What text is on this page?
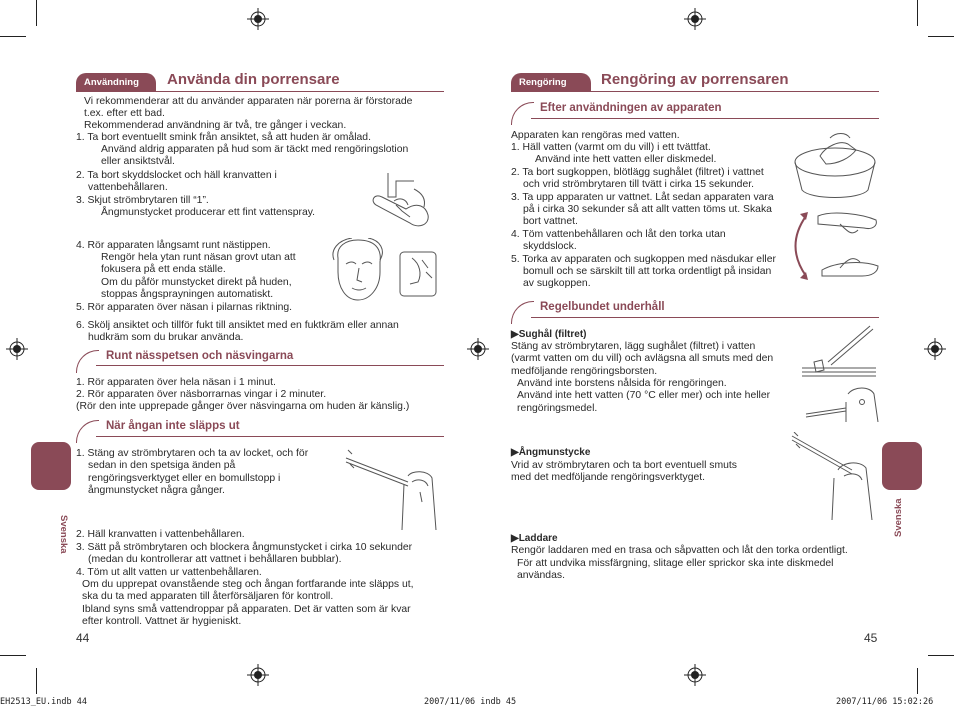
Användning	Använda din porrensare
Vi rekommenderar att du använder apparaten när porerna är förstorade
t.ex. efter ett bad.
Rekommenderad användning är två, tre gånger i veckan.
1. Ta bort eventuellt smink från ansiktet, så att huden är omålad.
Använd aldrig apparaten på hud som är täckt med rengöringslotion
eller ansiktstvål.
2. Ta bort skyddslocket och häll kranvatten i
vattenbehållaren.
3. Skjut strömbrytaren till “1”.
Ångmunstycket producerar ett fint vattenspray.
4. Rör apparaten långsamt runt nästippen.
Rengör hela ytan runt näsan grovt utan att
fokusera på ett enda ställe.
Om du påför munstycket direkt på huden,
stoppas ångsprayningen automatiskt.
5. Rör apparaten över näsan i pilarnas riktning.
6. Skölj ansiktet och tillför fukt till ansiktet med en fuktkräm eller annan
hudkräm som du brukar använda.
Runt nässpetsen och näsvingarna
1. Rör apparaten över hela näsan i 1 minut.
2. Rör apparaten över näsborrarnas vingar i 2 minuter.
(Rör den inte upprepade gånger över näsvingarna om huden är känslig.)
När ångan inte släpps ut
1. Stäng av strömbrytaren och ta av locket, och för
sedan in den spetsiga änden på
rengöringsverktyget eller en bomullstopp i
ångmunstycket några gånger.
2. Häll kranvatten i vattenbehållaren.
3. Sätt på strömbrytaren och blockera ångmunstycket i cirka 10 sekunder
(medan du kontrollerar att vattnet i behållaren bubblar).
4. Töm ut allt vatten ur vattenbehållaren.
Om du upprepat ovanstående steg och ångan fortfarande inte släpps ut,
ska du ta med apparaten till återförsäljaren för kontroll.
Ibland syns små vattendroppar på apparaten. Det är vatten som är kvar
efter kontroll. Vattnet är hygieniskt.
Svenska
44
Rengöring	Rengöring av porrensaren
Efter användningen av apparaten
Apparaten kan rengöras med vatten.
1. Häll vatten (varmt om du vill) i ett tvättfat.
Använd inte hett vatten eller diskmedel.
2. Ta bort sugkoppen, blötlägg sughålet (filtret) i vattnet
och vrid strömbrytaren till tvätt i cirka 15 sekunder.
3. Ta upp apparaten ur vattnet. Låt sedan apparaten vara
på i cirka 30 sekunder så att allt vatten töms ut. Skaka
bort vattnet.
4. Töm vattenbehållaren och låt den torka utan
skyddslock.
5. Torka av apparaten och sugkoppen med näsdukar eller
bomull och se särskilt till att torka ordentligt på insidan
av sugkoppen.
Regelbundet underhåll
▶Sughål (filtret)
Stäng av strömbrytaren, lägg sughålet (filtret) i vatten
(varmt vatten om du vill) och avlägsna all smuts med den
medföljande rengöringsborsten.
Använd inte borstens nålsida för rengöringen.
Använd inte hett vatten (70 °C eller mer) och inte heller
rengöringsmedel.
▶Ångmunstycke
Vrid av strömbrytaren och ta bort eventuell smuts
med det medföljande rengöringsverktyget.
▶Laddare
Rengör laddaren med en trasa och såpvatten och låt den torka ordentligt.
För att undvika missfärgning, slitage eller sprickor ska inte diskmedel
användas.
Svenska
45
EH2513_EU.indb 44	2007/11/06 indb 45	2007/11/06 15:02:26
